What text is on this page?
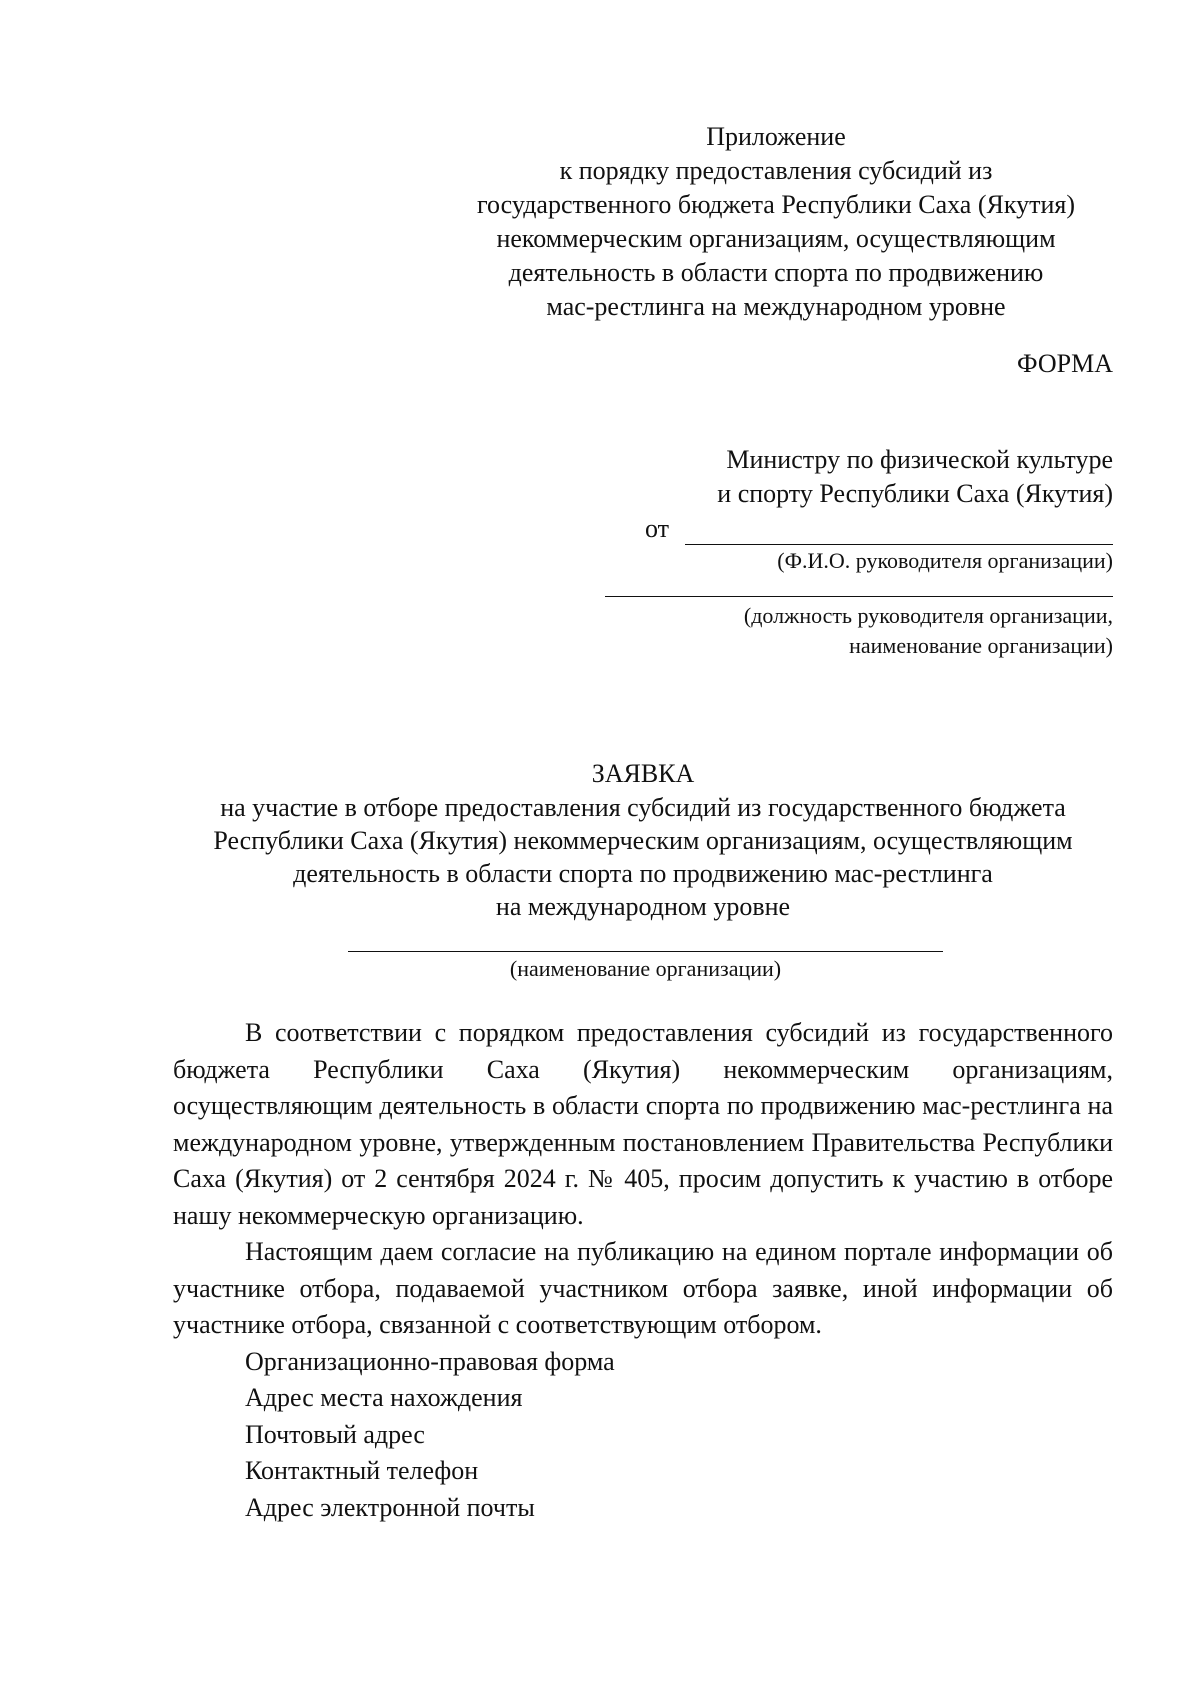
Приложение
к порядку предоставления субсидий из
государственного бюджета Республики Саха (Якутия)
некоммерческим организациям, осуществляющим
деятельность в области спорта по продвижению
мас-рестлинга на международном уровне
ФОРМА
Министру по физической культуре
и спорту Республики Саха (Якутия)
от
(Ф.И.О. руководителя организации)
(должность руководителя организации,
наименование организации)
ЗАЯВКА
на участие в отборе предоставления субсидий из государственного бюджета
Республики Саха (Якутия) некоммерческим организациям, осуществляющим
деятельность в области спорта по продвижению мас-рестлинга
на международном уровне
(наименование организации)

В соответствии с порядком предоставления субсидий из государственного бюджета Республики Саха (Якутия) некоммерческим организациям, осуществляющим деятельность в области спорта по продвижению мас-рестлинга на международном уровне, утвержденным постановлением Правительства Республики Саха (Якутия) от 2 сентября 2024 г. № 405, просим допустить к участию в отборе нашу некоммерческую организацию.

Настоящим даем согласие на публикацию на едином портале информации об участнике отбора, подаваемой участником отбора заявке, иной информации об участнике отбора, связанной с соответствующим отбором.

Организационно-правовая форма
Адрес места нахождения
Почтовый адрес
Контактный телефон
Адрес электронной почты
